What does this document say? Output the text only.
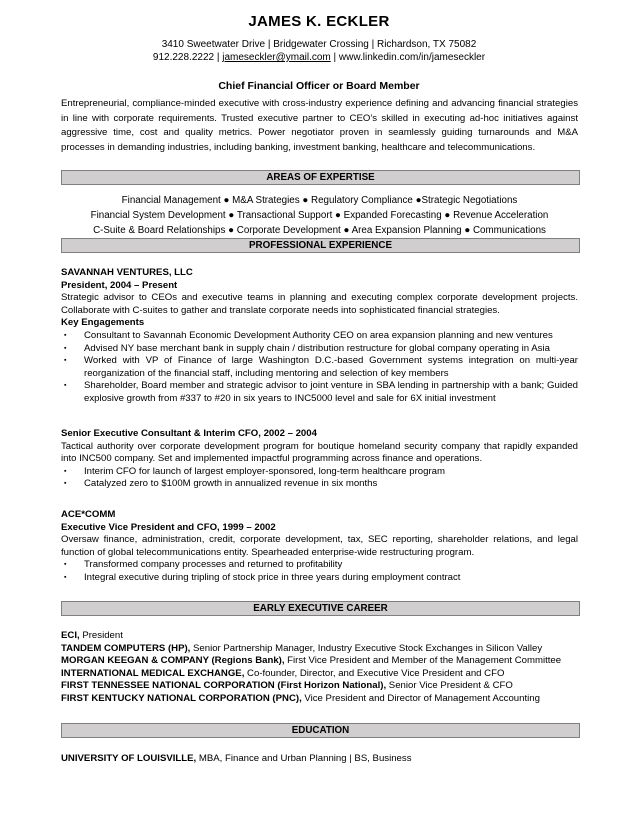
JAMES K. ECKLER
3410 Sweetwater Drive | Bridgewater Crossing | Richardson, TX 75082
912.228.2222 | jameseckler@ymail.com | www.linkedin.com/in/jameseckler
Chief Financial Officer or Board Member
Entrepreneurial, compliance-minded executive with cross-industry experience defining and advancing financial strategies in line with corporate requirements. Trusted executive partner to CEO’s skilled in executing ad-hoc initiatives against aggressive time, cost and quality metrics. Power negotiator proven in seamlessly guiding turnarounds and M&A processes in demanding industries, including banking, investment banking, healthcare and telecommunications.
AREAS OF EXPERTISE
Financial Management ● M&A Strategies ● Regulatory Compliance ●Strategic Negotiations
Financial System Development ● Transactional Support ● Expanded Forecasting ● Revenue Acceleration
C-Suite & Board Relationships ● Corporate Development ● Area Expansion Planning ● Communications
PROFESSIONAL EXPERIENCE
SAVANNAH VENTURES, LLC
President, 2004 – Present
Strategic advisor to CEOs and executive teams in planning and executing complex corporate development projects. Collaborate with C-suites to gather and translate corporate needs into sophisticated financial strategies.
Key Engagements
▪ Consultant to Savannah Economic Development Authority CEO on area expansion planning and new ventures
▪ Advised NY base merchant bank in supply chain / distribution restructure for global company operating in Asia
▪ Worked with VP of Finance of large Washington D.C.-based Government systems integration on multi-year reorganization of the financial staff, including mentoring and selection of key members
▪ Shareholder, Board member and strategic advisor to joint venture in SBA lending in partnership with a bank; Guided explosive growth from #337 to #20 in six years to INC5000 level and sale for 6X initial investment
Senior Executive Consultant & Interim CFO, 2002 – 2004
Tactical authority over corporate development program for boutique homeland security company that rapidly expanded into INC500 company. Set and implemented impactful programming across finance and operations.
▪ Interim CFO for launch of largest employer-sponsored, long-term healthcare program
▪ Catalyzed zero to $100M growth in annualized revenue in six months
ACE*COMM
Executive Vice President and CFO, 1999 – 2002
Oversaw finance, administration, credit, corporate development, tax, SEC reporting, shareholder relations, and legal function of global telecommunications entity. Spearheaded enterprise-wide restructuring program.
▪ Transformed company processes and returned to profitability
▪ Integral executive during tripling of stock price in three years during employment contract
EARLY EXECUTIVE CAREER
ECI, President
TANDEM COMPUTERS (HP), Senior Partnership Manager, Industry Executive Stock Exchanges in Silicon Valley
MORGAN KEEGAN & COMPANY (Regions Bank), First Vice President and Member of the Management Committee
INTERNATIONAL MEDICAL EXCHANGE, Co-founder, Director, and Executive Vice President and CFO
FIRST TENNESSEE NATIONAL CORPORATION (First Horizon National), Senior Vice President & CFO
FIRST KENTUCKY NATIONAL CORPORATION (PNC), Vice President and Director of Management Accounting
EDUCATION
UNIVERSITY OF LOUISVILLE, MBA, Finance and Urban Planning | BS, Business
